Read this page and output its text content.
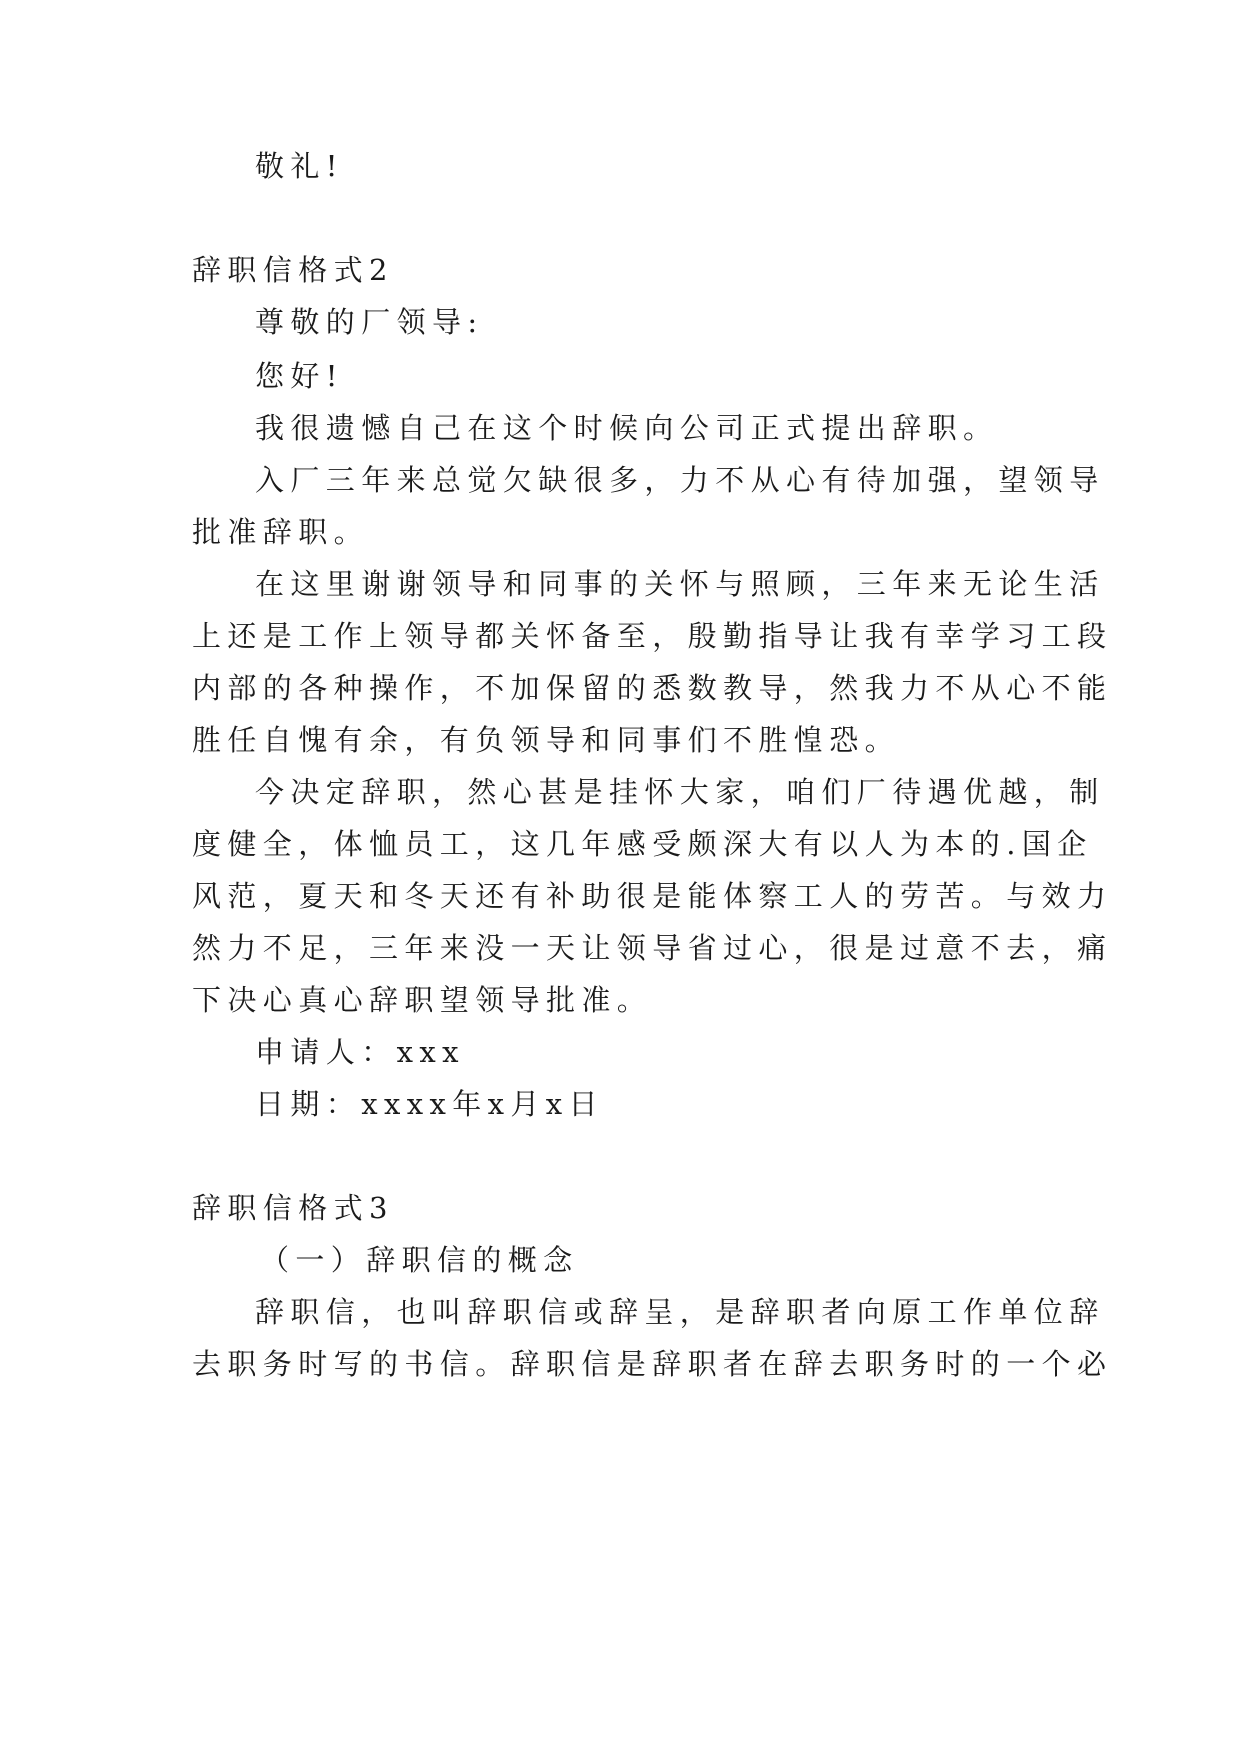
敬礼!
辞职信格式2
尊敬的厂领导:
您好!
我很遗憾自己在这个时候向公司正式提出辞职。
入厂三年来总觉欠缺很多，力不从心有待加强，望领导
批准辞职。
在这里谢谢领导和同事的关怀与照顾，三年来无论生活
上还是工作上领导都关怀备至，殷勤指导让我有幸学习工段
内部的各种操作，不加保留的悉数教导，然我力不从心不能
胜任自愧有余，有负领导和同事们不胜惶恐。
今决定辞职，然心甚是挂怀大家，咱们厂待遇优越，制
度健全，体恤员工，这几年感受颇深大有以人为本的.国企
风范，夏天和冬天还有补助很是能体察工人的劳苦。与效力
然力不足，三年来没一天让领导省过心，很是过意不去，痛
下决心真心辞职望领导批准。
申请人：xxx
日期：xxxx年x月x日
辞职信格式3
（一）辞职信的概念
辞职信，也叫辞职信或辞呈，是辞职者向原工作单位辞
去职务时写的书信。辞职信是辞职者在辞去职务时的一个必
